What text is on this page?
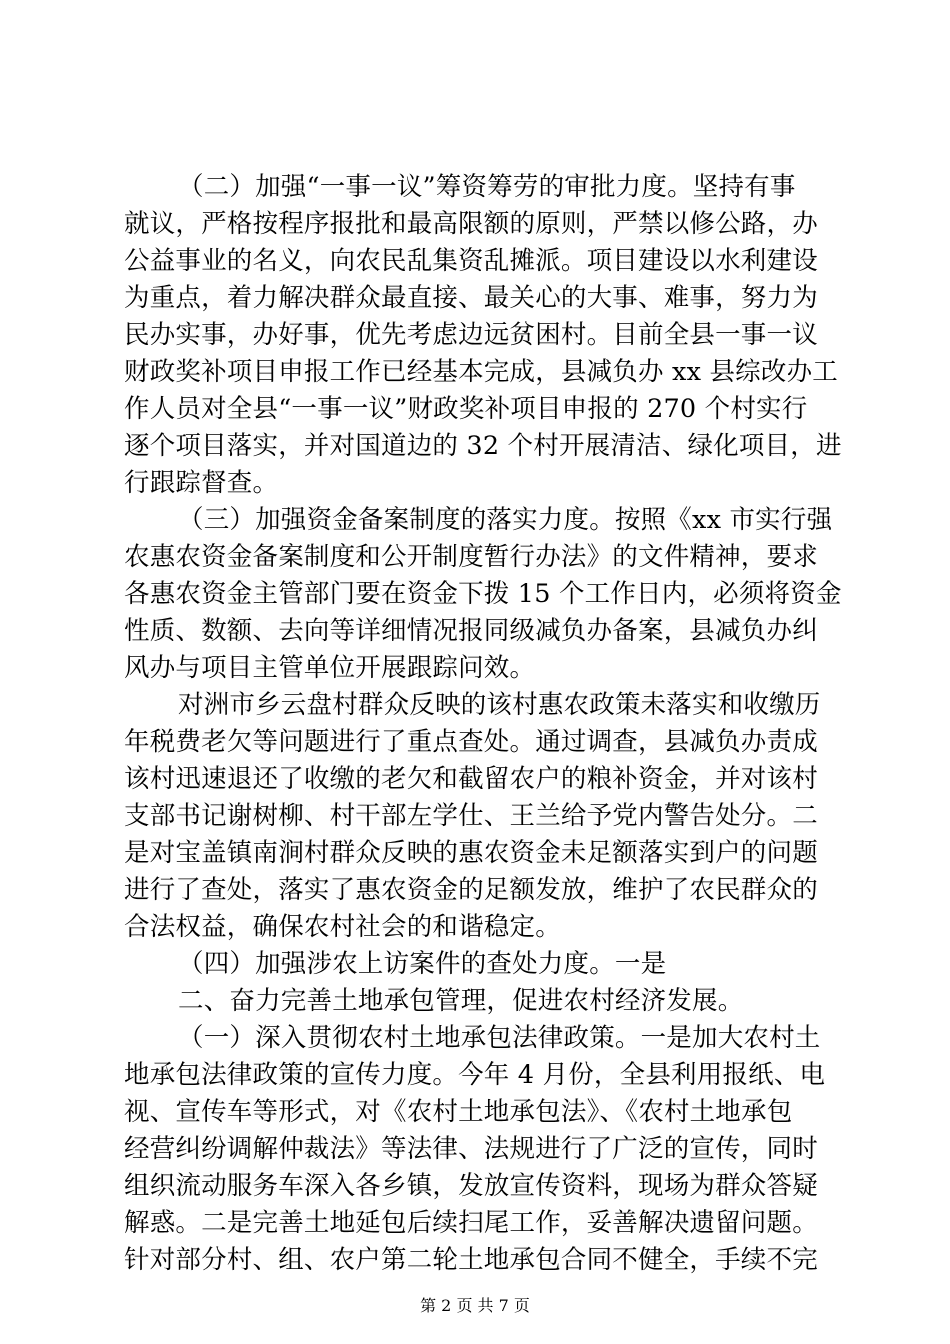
（二）加强“一事一议”筹资筹劳的审批力度。坚持有事
就议，严格按程序报批和最高限额的原则，严禁以修公路，办
公益事业的名义，向农民乱集资乱摊派。项目建设以水利建设
为重点，着力解决群众最直接、最关心的大事、难事，努力为
民办实事，办好事，优先考虑边远贫困村。目前全县一事一议
财政奖补项目申报工作已经基本完成，县减负办 xx 县综改办工
作人员对全县“一事一议”财政奖补项目申报的 270 个村实行
逐个项目落实，并对国道边的 32 个村开展清洁、绿化项目，进
行跟踪督查。
（三）加强资金备案制度的落实力度。按照《xx 市实行强
农惠农资金备案制度和公开制度暂行办法》的文件精神，要求
各惠农资金主管部门要在资金下拨 15 个工作日内，必须将资金
性质、数额、去向等详细情况报同级减负办备案，县减负办纠
风办与项目主管单位开展跟踪问效。
对洲市乡云盘村群众反映的该村惠农政策未落实和收缴历
年税费老欠等问题进行了重点查处。通过调查，县减负办责成
该村迅速退还了收缴的老欠和截留农户的粮补资金，并对该村
支部书记谢树柳、村干部左学仕、王兰给予党内警告处分。二
是对宝盖镇南涧村群众反映的惠农资金未足额落实到户的问题
进行了查处，落实了惠农资金的足额发放，维护了农民群众的
合法权益，确保农村社会的和谐稳定。
（四）加强涉农上访案件的查处力度。一是
二、奋力完善土地承包管理，促进农村经济发展。
（一）深入贯彻农村土地承包法律政策。一是加大农村土
地承包法律政策的宣传力度。今年 4 月份，全县利用报纸、电
视、宣传车等形式，对《农村土地承包法》、《农村土地承包
经营纠纷调解仲裁法》等法律、法规进行了广泛的宣传，同时
组织流动服务车深入各乡镇，发放宣传资料，现场为群众答疑
解惑。二是完善土地延包后续扫尾工作，妥善解决遗留问题。
针对部分村、组、农户第二轮土地承包合同不健全，手续不完
第 2 页 共 7 页
